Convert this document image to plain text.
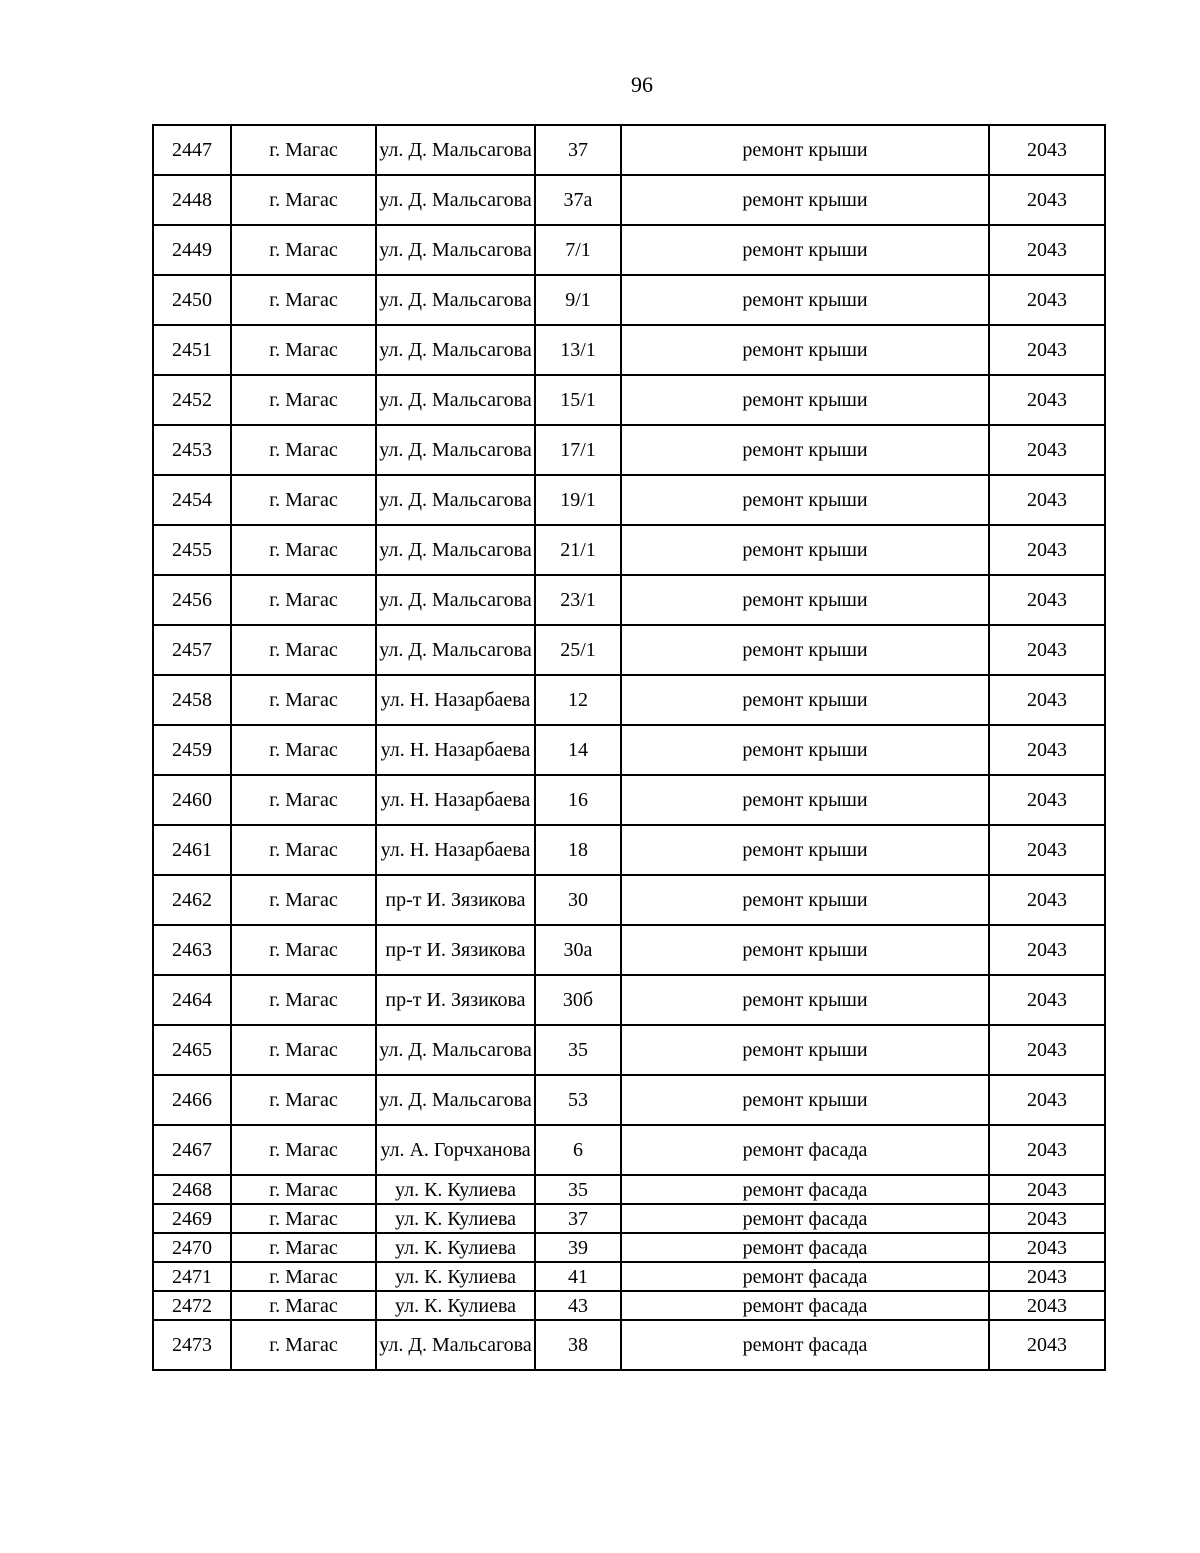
96
2447	г. Магас	ул. Д. Мальсагова	37	ремонт крыши	2043
2448	г. Магас	ул. Д. Мальсагова	37а	ремонт крыши	2043
2449	г. Магас	ул. Д. Мальсагова	7/1	ремонт крыши	2043
2450	г. Магас	ул. Д. Мальсагова	9/1	ремонт крыши	2043
2451	г. Магас	ул. Д. Мальсагова	13/1	ремонт крыши	2043
2452	г. Магас	ул. Д. Мальсагова	15/1	ремонт крыши	2043
2453	г. Магас	ул. Д. Мальсагова	17/1	ремонт крыши	2043
2454	г. Магас	ул. Д. Мальсагова	19/1	ремонт крыши	2043
2455	г. Магас	ул. Д. Мальсагова	21/1	ремонт крыши	2043
2456	г. Магас	ул. Д. Мальсагова	23/1	ремонт крыши	2043
2457	г. Магас	ул. Д. Мальсагова	25/1	ремонт крыши	2043
2458	г. Магас	ул. Н. Назарбаева	12	ремонт крыши	2043
2459	г. Магас	ул. Н. Назарбаева	14	ремонт крыши	2043
2460	г. Магас	ул. Н. Назарбаева	16	ремонт крыши	2043
2461	г. Магас	ул. Н. Назарбаева	18	ремонт крыши	2043
2462	г. Магас	пр-т И. Зязикова	30	ремонт крыши	2043
2463	г. Магас	пр-т И. Зязикова	30а	ремонт крыши	2043
2464	г. Магас	пр-т И. Зязикова	30б	ремонт крыши	2043
2465	г. Магас	ул. Д. Мальсагова	35	ремонт крыши	2043
2466	г. Магас	ул. Д. Мальсагова	53	ремонт крыши	2043
2467	г. Магас	ул. А. Горчханова	6	ремонт фасада	2043
2468	г. Магас	ул. К. Кулиева	35	ремонт фасада	2043
2469	г. Магас	ул. К. Кулиева	37	ремонт фасада	2043
2470	г. Магас	ул. К. Кулиева	39	ремонт фасада	2043
2471	г. Магас	ул. К. Кулиева	41	ремонт фасада	2043
2472	г. Магас	ул. К. Кулиева	43	ремонт фасада	2043
2473	г. Магас	ул. Д. Мальсагова	38	ремонт фасада	2043
